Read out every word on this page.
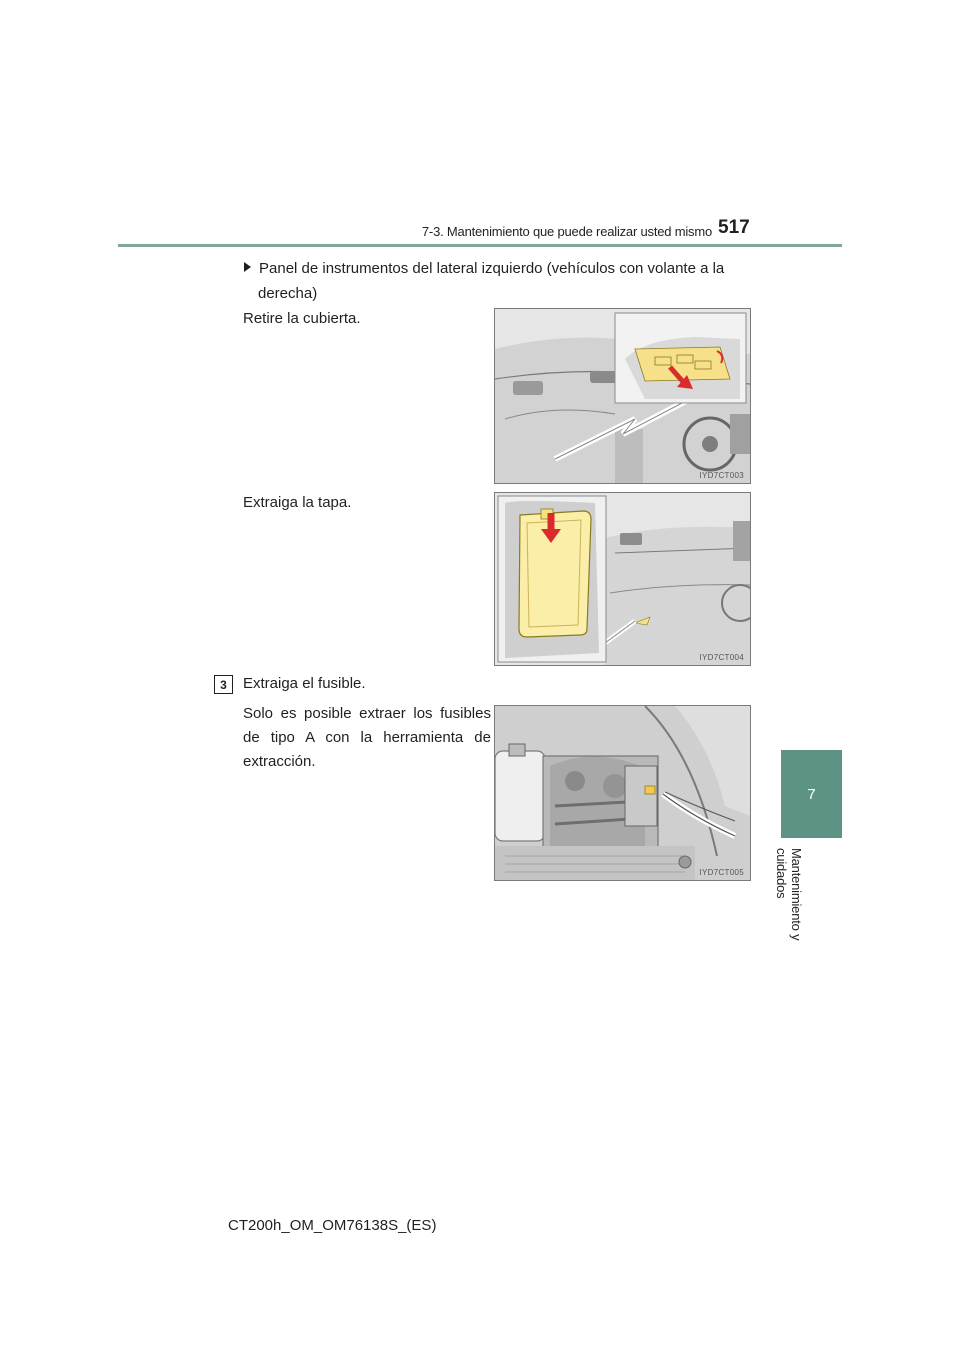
7-3. Mantenimiento que puede realizar usted mismo 517
7
Mantenimiento y cuidados
Panel de instrumentos del lateral izquierdo (vehículos con volante a la
derecha)
Retire la cubierta.
Extraiga la tapa.
3	Extraiga el fusible.
Solo es posible extraer los fusibles de tipo A con la herramienta de extracción.
IYD7CT003
IYD7CT004
IYD7CT005
CT200h_OM_OM76138S_(ES)
